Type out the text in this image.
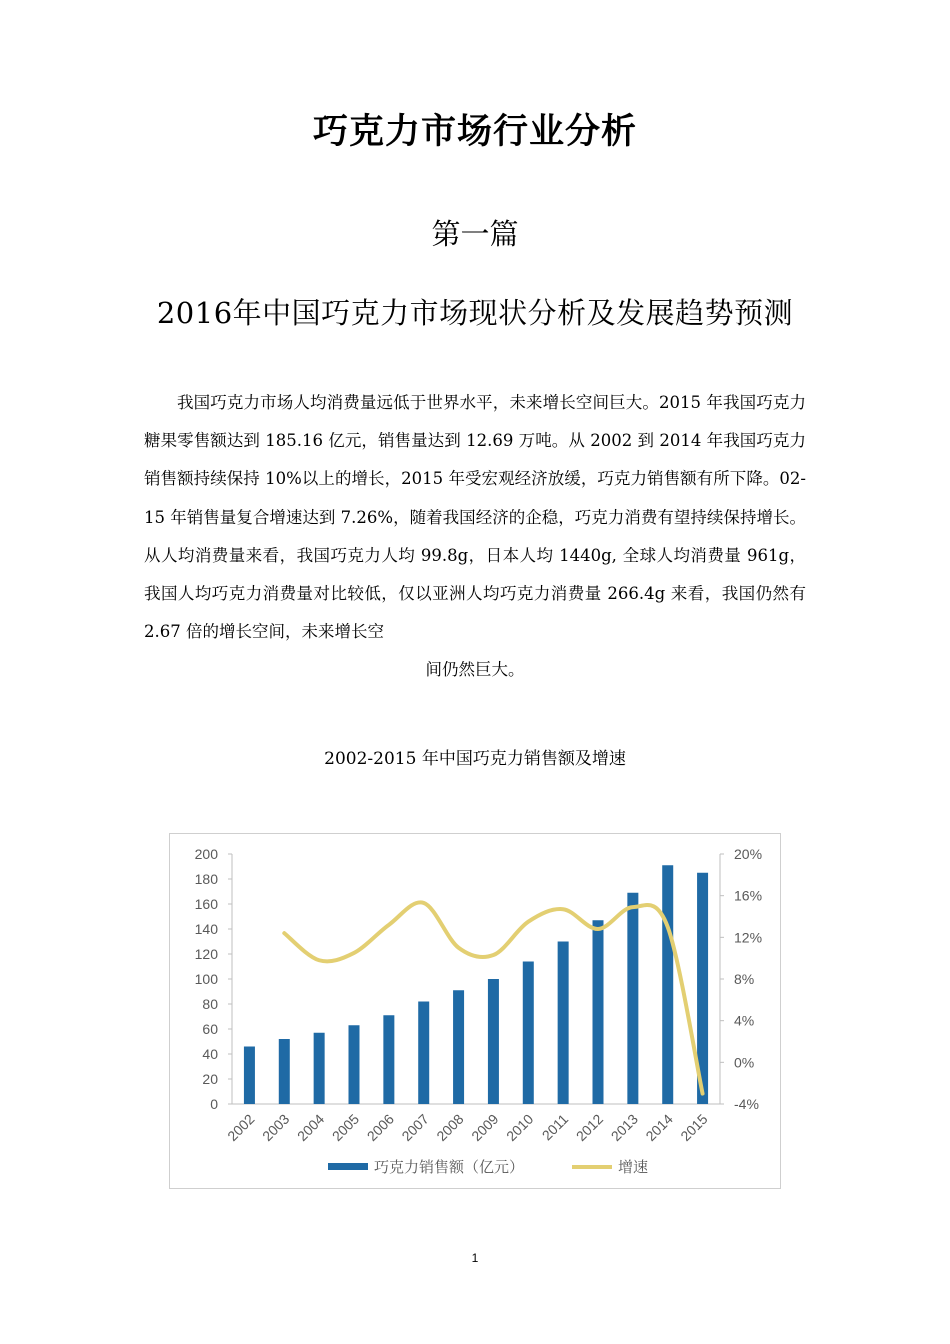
巧克力市场行业分析
第一篇
2016年中国巧克力市场现状分析及发展趋势预测
我国巧克力市场人均消费量远低于世界水平，未来增长空间巨大。2015 年我国巧克力糖果零售额达到 185.16 亿元，销售量达到 12.69 万吨。从 2002 到 2014 年我国巧克力销售额持续保持 10%以上的增长，2015 年受宏观经济放缓，巧克力销售额有所下降。02-15 年销售量复合增速达到 7.26%，随着我国经济的企稳，巧克力消费有望持续保持增长。从人均消费量来看，我国巧克力人均 99.8g，日本人均 1440g, 全球人均消费量 961g，我国人均巧克力消费量对比较低，仅以亚洲人均巧克力消费量 266.4g 来看，我国仍然有 2.67 倍的增长空间，未来增长空
间仍然巨大。
2002-2015 年中国巧克力销售额及增速
0
20
40
60
80
100
120
140
160
180
200
-4%
0%
4%
8%
12%
16%
20%
2002 2003 2004 2005 2006 2007 2008 2009 2010 2011 2012 2013 2014 2015
巧克力销售额（亿元）	增速
1
